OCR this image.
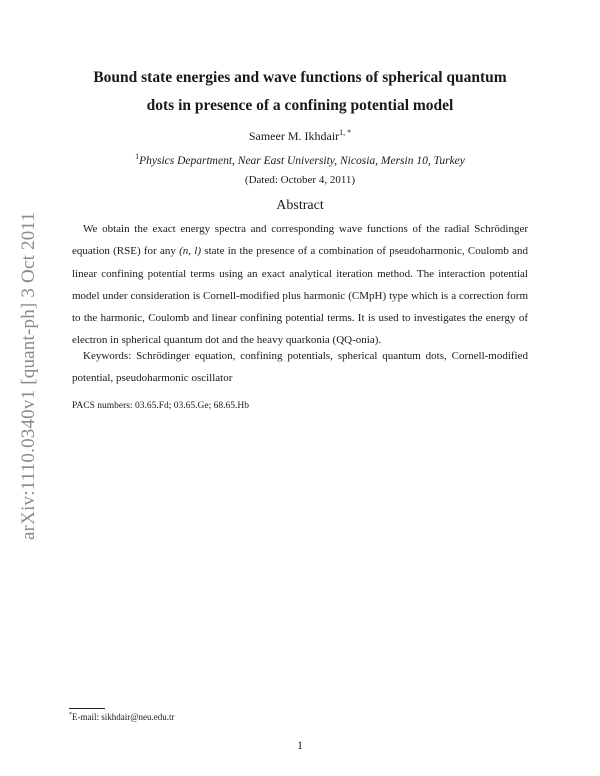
arXiv:1110.0340v1 [quant-ph] 3 Oct 2011
Bound state energies and wave functions of spherical quantum
dots in presence of a confining potential model
Sameer M. Ikhdair$^{1, *}$
$^1$Physics Department, Near East University, Nicosia, Mersin 10, Turkey
(Dated: October 4, 2011)
Abstract

We obtain the exact energy spectra and corresponding wave functions of the radial Schrödinger equation (RSE) for any (n, l) state in the presence of a combination of pseudoharmonic, Coulomb and linear confining potential terms using an exact analytical iteration method. The interaction potential model under consideration is Cornell-modified plus harmonic (CMpH) type which is a correction form to the harmonic, Coulomb and linear confining potential terms. It is used to investigates the energy of electron in spherical quantum dot and the heavy quarkonia (QQ-onia).

Keywords: Schrödinger equation, confining potentials, spherical quantum dots, Cornell-modified potential, pseudoharmonic oscillator

PACS numbers: 03.65.Fd; 03.65.Ge; 68.65.Hb
*E-mail: sikhdair@neu.edu.tr
1
